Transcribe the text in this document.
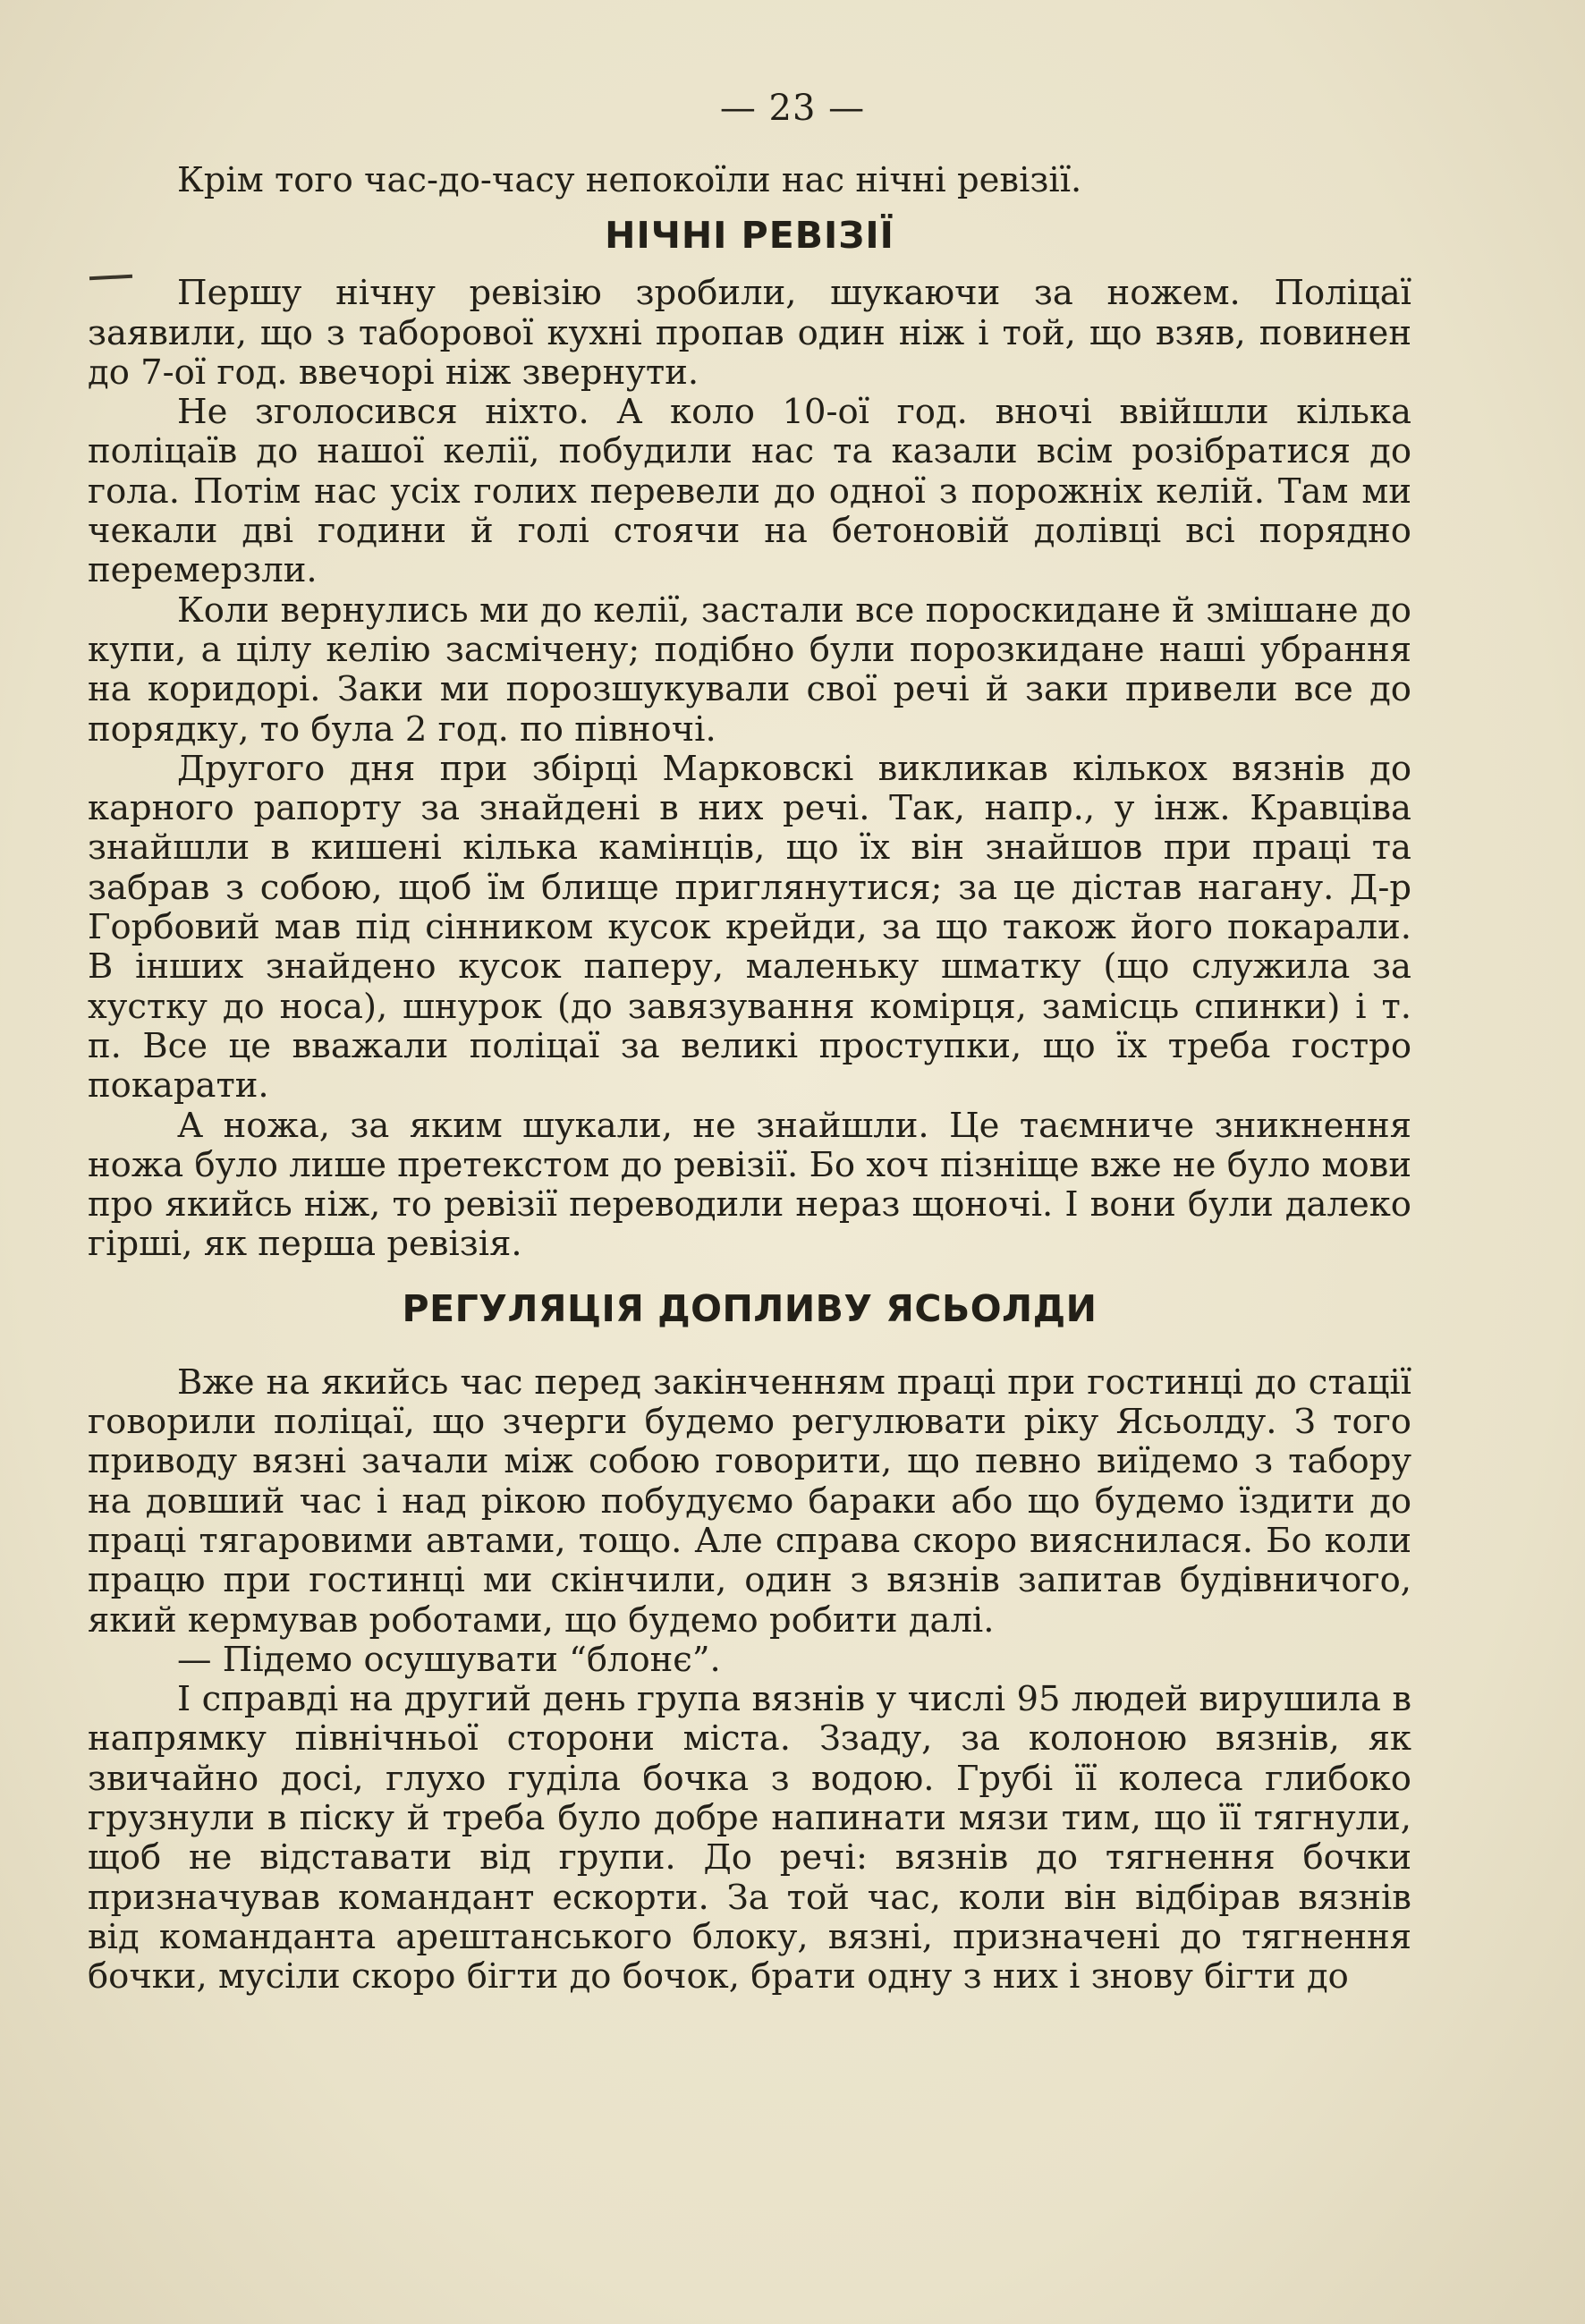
— 23 —

Крім того час-до-часу непокоїли нас нічні ревізії.

НІЧНІ РЕВІЗІЇ

Першу нічну ревізію зробили, шукаючи за ножем. Поліцаї заявили, що з таборової кухні пропав один ніж і той, що взяв, повинен до 7-ої год. ввечорі ніж звернути.

Не зголосився ніхто. А коло 10-ої год. вночі ввійшли кілька поліцаїв до нашої келії, побудили нас та казали всім розібратися до гола. Потім нас усіх голих перевели до одної з порожніх келій. Там ми чекали дві години й голі стоячи на бетоновій долівці всі порядно перемерзли.

Коли вернулись ми до келії, застали все пороскидане й змішане до купи, а цілу келію засмічену; подібно були порозкидане наші убрання на коридорі. Заки ми порозшукували свої речі й заки привели все до порядку, то була 2 год. по півночі.

Другого дня при збірці Марковскі викликав кількох вязнів до карного рапорту за знайдені в них речі. Так, напр., у інж. Кравціва знайшли в кишені кілька камінців, що їх він знайшов при праці та забрав з собою, щоб їм блище приглянутися; за це дістав нагану. Д-р Горбовий мав під сінником кусок крейди, за що також його покарали. В інших знайдено кусок паперу, маленьку шматку (що служила за хустку до носа), шнурок (до завязування комірця, замісць спинки) і т. п. Все це вважали поліцаї за великі проступки, що їх треба гостро покарати.

А ножа, за яким шукали, не знайшли. Це таємниче зникнення ножа було лише претекстом до ревізії. Бо хоч пізніще вже не було мови про якийсь ніж, то ревізії переводили нераз щоночі. І вони були далеко гірші, як перша ревізія.

РЕГУЛЯЦІЯ ДОПЛИВУ ЯСЬОЛДИ

Вже на якийсь час перед закінченням праці при гостинці до стації говорили поліцаї, що зчерги будемо регулювати ріку Ясьолду. З того приводу вязні зачали між собою говорити, що певно виїдемо з табору на довший час і над рікою побудуємо бараки або що будемо їздити до праці тягаровими автами, тощо. Але справа скоро вияснилася. Бо коли працю при гостинці ми скінчили, один з вязнів запитав будівничого, який кермував роботами, що будемо робити далі.

— Підемо осушувати “блонє”.

І справді на другий день група вязнів у числі 95 людей вирушила в напрямку північньої сторони міста. Ззаду, за колоною вязнів, як звичайно досі, глухо гуділа бочка з водою. Грубі її колеса глибоко грузнули в піску й треба було добре напинати мязи тим, що її тягнули, щоб не відставати від групи. До речі: вязнів до тягнення бочки призначував командант ескорти. За той час, коли він відбірав вязнів від команданта арештанського блоку, вязні, призначені до тягнення бочки, мусіли скоро бігти до бочок, брати одну з них і знову бігти до
